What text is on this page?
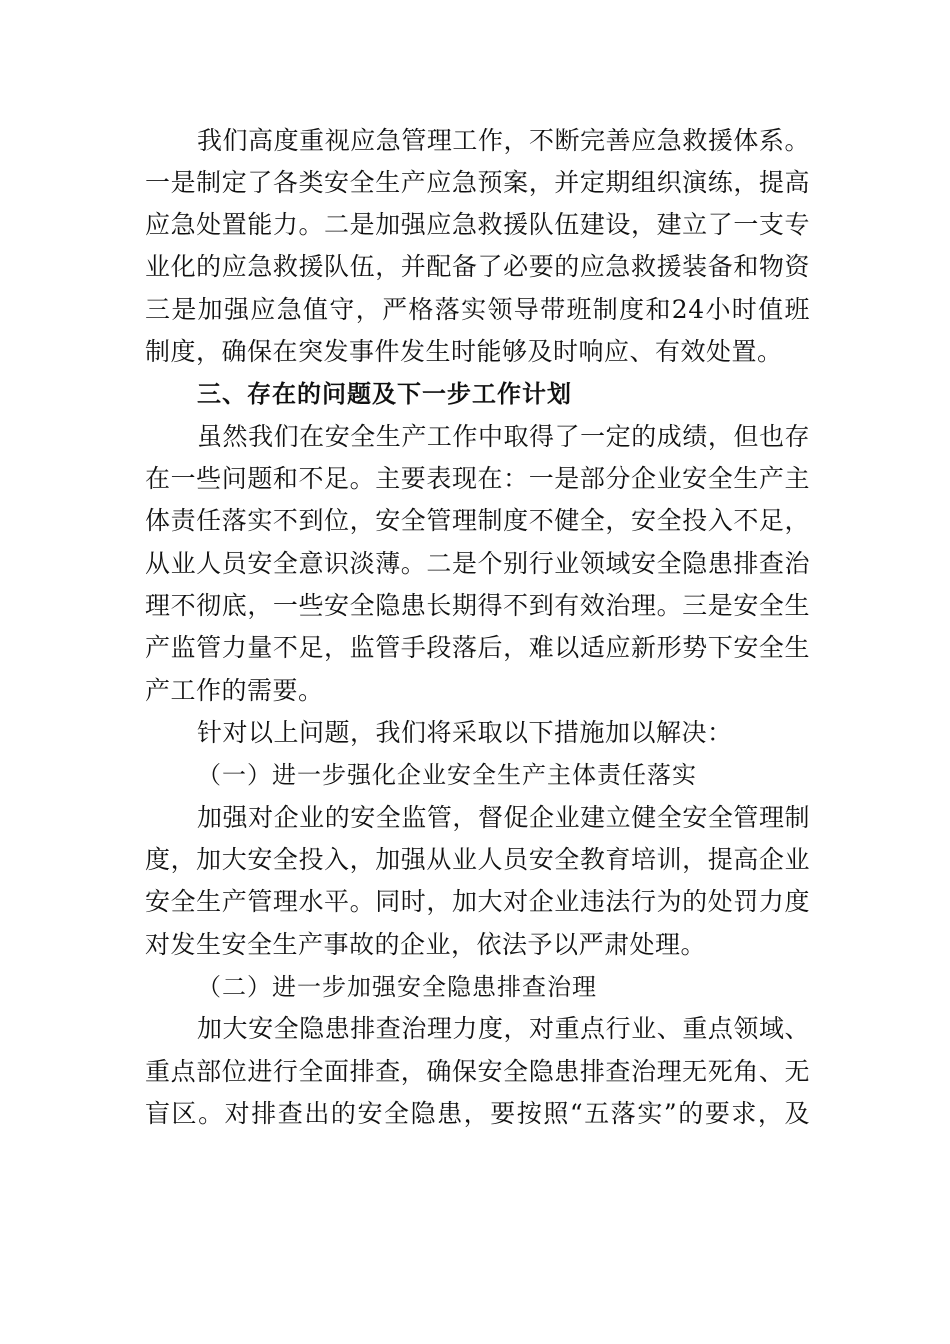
我们高度重视应急管理工作，不断完善应急救援体系。
一是制定了各类安全生产应急预案，并定期组织演练，提高
应急处置能力。二是加强应急救援队伍建设，建立了一支专
业化的应急救援队伍，并配备了必要的应急救援装备和物资
三是加强应急值守，严格落实领导带班制度和24小时值班
制度，确保在突发事件发生时能够及时响应、有效处置。
三、存在的问题及下一步工作计划
虽然我们在安全生产工作中取得了一定的成绩，但也存
在一些问题和不足。主要表现在：一是部分企业安全生产主
体责任落实不到位，安全管理制度不健全，安全投入不足，
从业人员安全意识淡薄。二是个别行业领域安全隐患排查治
理不彻底，一些安全隐患长期得不到有效治理。三是安全生
产监管力量不足，监管手段落后，难以适应新形势下安全生
产工作的需要。
针对以上问题，我们将采取以下措施加以解决：
（一）进一步强化企业安全生产主体责任落实
加强对企业的安全监管，督促企业建立健全安全管理制
度，加大安全投入，加强从业人员安全教育培训，提高企业
安全生产管理水平。同时，加大对企业违法行为的处罚力度
对发生安全生产事故的企业，依法予以严肃处理。
（二）进一步加强安全隐患排查治理
加大安全隐患排查治理力度，对重点行业、重点领域、
重点部位进行全面排查，确保安全隐患排查治理无死角、无
盲区。对排查出的安全隐患，要按照“五落实”的要求，及
